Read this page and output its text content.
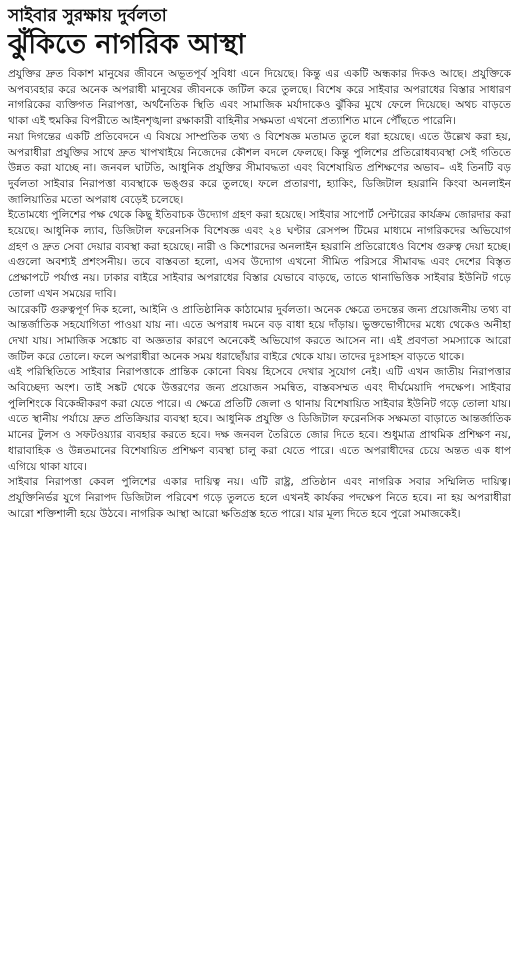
সাইবার সুরক্ষায় দুর্বলতা
ঝুঁকিতে নাগরিক আস্থা

প্রযুক্তির দ্রুত বিকাশ মানুষের জীবনে অভূতপূর্ব সুবিধা এনে দিয়েছে। কিন্তু এর একটি অন্ধকার দিকও আছে। প্রযুক্তিকে অপব্যবহার করে অনেক অপরাধী মানুষের জীবনকে জটিল করে তুলছে। বিশেষ করে সাইবার অপরাধের বিস্তার সাধারণ নাগরিকের ব্যক্তিগত নিরাপত্তা, অর্থনৈতিক স্থিতি এবং সামাজিক মর্যাদাকেও ঝুঁকির মুখে ফেলে দিয়েছে। অথচ বাড়তে থাকা এই হুমকির বিপরীতে আইনশৃঙ্খলা রক্ষাকারী বাহিনীর সক্ষমতা এখনো প্রত্যাশিত মানে পৌঁছতে পারেনি।

নয়া দিগন্তের একটি প্রতিবেদনে এ বিষয়ে সাম্প্রতিক তথ্য ও বিশেষজ্ঞ মতামত তুলে ধরা হয়েছে। এতে উল্লেখ করা হয়, অপরাধীরা প্রযুক্তির সাথে দ্রুত খাপখাইয়ে নিজেদের কৌশল বদলে ফেলছে। কিন্তু পুলিশের প্রতিরোধব্যবস্থা সেই গতিতে উন্নত করা যাচ্ছে না। জনবল ঘাটতি, আধুনিক প্রযুক্তির সীমাবদ্ধতা এবং বিশেষায়িত প্রশিক্ষণের অভাব– এই তিনটি বড় দুর্বলতা সাইবার নিরাপত্তা ব্যবস্থাকে ভঙ্গুর করে তুলছে। ফলে প্রতারণা, হ্যাকিং, ডিজিটাল হয়রানি কিংবা অনলাইন জালিয়াতির মতো অপরাধ বেড়েই চলেছে।

ইতোমধ্যে পুলিশের পক্ষ থেকে কিছু ইতিবাচক উদ্যোগ গ্রহণ করা হয়েছে। সাইবার সাপোর্ট সেন্টারের কার্যক্রম জোরদার করা হয়েছে। আধুনিক ল্যাব, ডিজিটাল ফরেনসিক বিশেষজ্ঞ এবং ২৪ ঘণ্টার রেসপন্স টিমের মাধ্যমে নাগরিকদের অভিযোগ গ্রহণ ও দ্রুত সেবা দেয়ার ব্যবস্থা করা হয়েছে। নারী ও কিশোরদের অনলাইন হয়রানি প্রতিরোধেও বিশেষ গুরুত্ব দেয়া হচ্ছে। এগুলো অবশ্যই প্রশংসনীয়। তবে বাস্তবতা হলো, এসব উদ্যোগ এখনো সীমিত পরিসরে সীমাবদ্ধ এবং দেশের বিস্তৃত প্রেক্ষাপটে পর্যাপ্ত নয়। ঢাকার বাইরে সাইবার অপরাধের বিস্তার যেভাবে বাড়ছে, তাতে থানাভিত্তিক সাইবার ইউনিট গড়ে তোলা এখন সময়ের দাবি।

আরেকটি গুরুত্বপূর্ণ দিক হলো, আইনি ও প্রাতিষ্ঠানিক কাঠামোর দুর্বলতা। অনেক ক্ষেত্রে তদন্তের জন্য প্রয়োজনীয় তথ্য বা আন্তর্জাতিক সহযোগিতা পাওয়া যায় না। এতে অপরাধ দমনে বড় বাধা হয়ে দাঁড়ায়। ভুক্তভোগীদের মধ্যে থেকেও অনীহা দেখা যায়। সামাজিক সঙ্কোচ বা অজ্ঞতার কারণে অনেকেই অভিযোগ করতে আসেন না। এই প্রবণতা সমস্যাকে আরো জটিল করে তোলে। ফলে অপরাধীরা অনেক সময় ধরাছোঁয়ার বাইরে থেকে যায়। তাদের দুঃসাহস বাড়তে থাকে।

এই পরিস্থিতিতে সাইবার নিরাপত্তাকে প্রান্তিক কোনো বিষয় হিসেবে দেখার সুযোগ নেই। এটি এখন জাতীয় নিরাপত্তার অবিচ্ছেদ্য অংশ। তাই সঙ্কট থেকে উত্তরণের জন্য প্রয়োজন সমন্বিত, বাস্তবসম্মত এবং দীর্ঘমেয়াদি পদক্ষেপ। সাইবার পুলিশিংকে বিকেন্দ্রীকরণ করা যেতে পারে। এ ক্ষেত্রে প্রতিটি জেলা ও থানায় বিশেষায়িত সাইবার ইউনিট গড়ে তোলা যায়। এতে স্থানীয় পর্যায়ে দ্রুত প্রতিক্রিয়ার ব্যবস্থা হবে। আধুনিক প্রযুক্তি ও ডিজিটাল ফরেনসিক সক্ষমতা বাড়াতে আন্তর্জাতিক মানের টুলস ও সফটওয়্যার ব্যবহার করতে হবে। দক্ষ জনবল তৈরিতে জোর দিতে হবে। শুধুমাত্র প্রাথমিক প্রশিক্ষণ নয়, ধারাবাহিক ও উন্নতমানের বিশেষায়িত প্রশিক্ষণ ব্যবস্থা চালু করা যেতে পারে। এতে অপরাধীদের চেয়ে অন্তত এক ধাপ এগিয়ে থাকা যাবে।

সাইবার নিরাপত্তা কেবল পুলিশের একার দায়িত্ব নয়। এটি রাষ্ট্র, প্রতিষ্ঠান এবং নাগরিক সবার সম্মিলিত দায়িত্ব। প্রযুক্তিনির্ভর যুগে নিরাপদ ডিজিটাল পরিবেশ গড়ে তুলতে হলে এখনই কার্যকর পদক্ষেপ নিতে হবে। না হয় অপরাধীরা আরো শক্তিশালী হয়ে উঠবে। নাগরিক আস্থা আরো ক্ষতিগ্রস্ত হতে পারে। যার মূল্য দিতে হবে পুরো সমাজকেই।
